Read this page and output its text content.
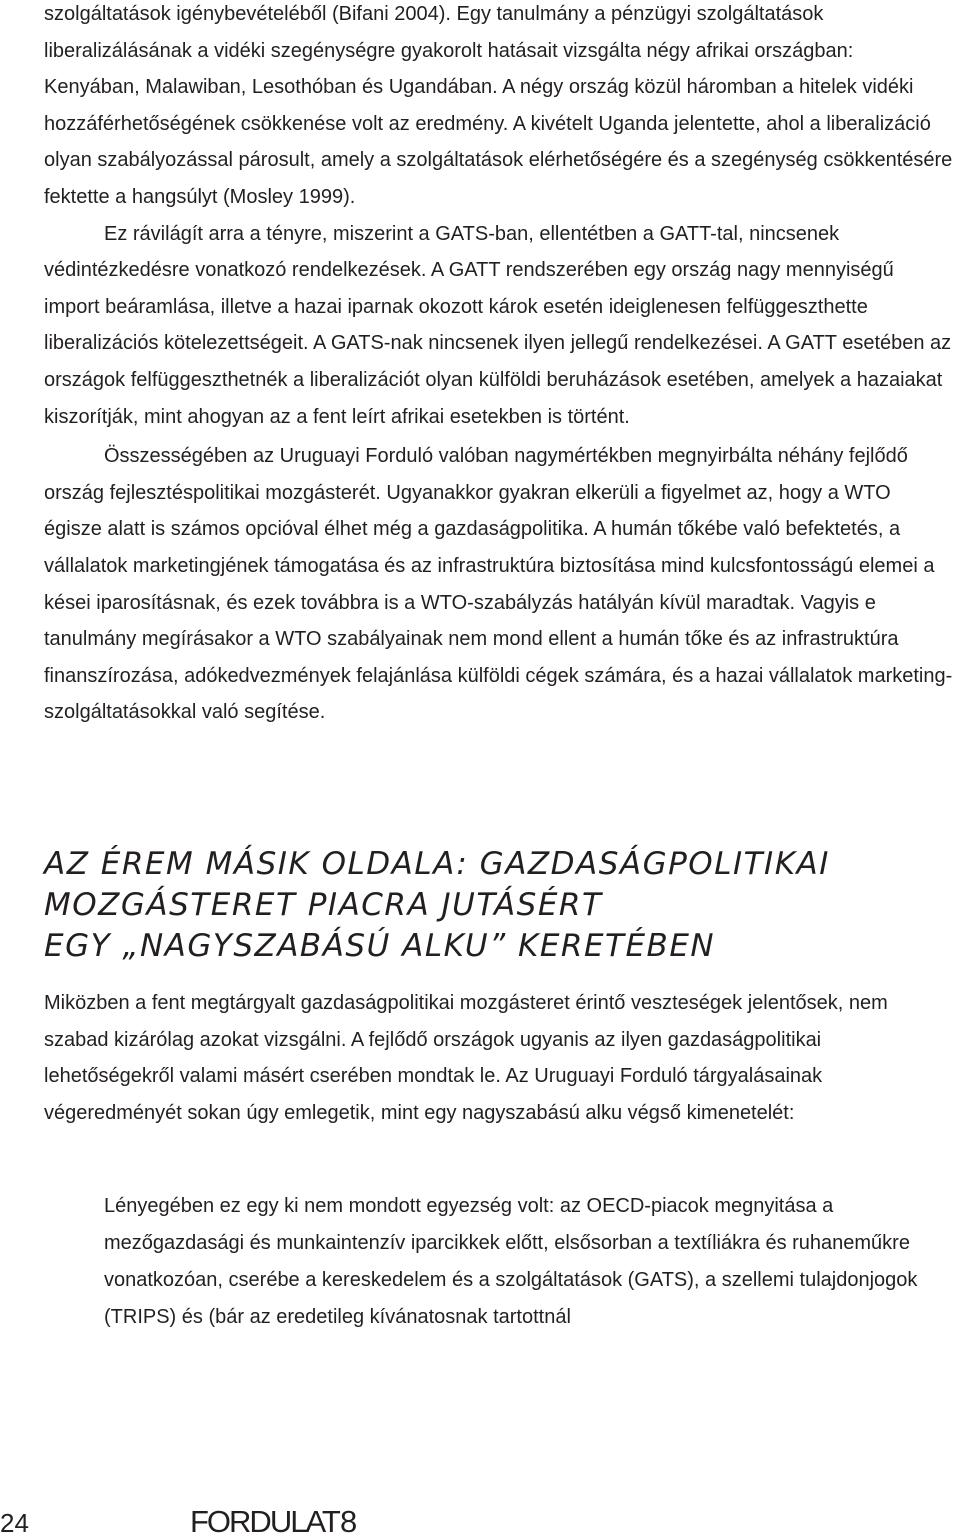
szolgáltatások igénybevételéből (Bifani 2004). Egy tanulmány a pénzügyi szolgáltatások liberalizálásának a vidéki szegénységre gyakorolt hatásait vizsgálta négy afrikai országban: Kenyában, Malawiban, Lesothóban és Ugandában. A négy ország közül háromban a hitelek vidéki hozzáférhetőségének csökkenése volt az eredmény. A kivételt Uganda jelentette, ahol a liberalizáció olyan szabályozással párosult, amely a szolgáltatások elérhetőségére és a szegénység csökkentésére fektette a hangsúlyt (Mosley 1999).

Ez rávilágít arra a tényre, miszerint a GATS-ban, ellentétben a GATT-tal, nincsenek védintézkedésre vonatkozó rendelkezések. A GATT rendszerében egy ország nagy mennyiségű import beáramlása, illetve a hazai iparnak okozott károk esetén ideiglenesen felfüggeszthette liberalizációs kötelezettségeit. A GATS-nak nincsenek ilyen jellegű rendelkezései. A GATT esetében az országok felfüggeszthetnék a liberalizációt olyan külföldi beruházások esetében, amelyek a hazaiakat kiszorítják, mint ahogyan az a fent leírt afrikai esetekben is történt.

Összességében az Uruguayi Forduló valóban nagymértékben megnyirbálta néhány fejlődő ország fejlesztéspolitikai mozgásterét. Ugyanakkor gyakran elkerüli a figyelmet az, hogy a WTO égisze alatt is számos opcióval élhet még a gazdaságpolitika. A humán tőkébe való befektetés, a vállalatok marketingjének támogatása és az infrastruktúra biztosítása mind kulcsfontosságú elemei a kései iparosításnak, és ezek továbbra is a WTO-szabályzás hatályán kívül maradtak. Vagyis e tanulmány megírásakor a WTO szabályainak nem mond ellent a humán tőke és az infrastruktúra finanszírozása, adókedvezmények felajánlása külföldi cégek számára, és a hazai vállalatok marketing-szolgáltatásokkal való segítése.

AZ ÉREM MÁSIK OLDALA: GAZDASÁGPOLITIKAI
MOZGÁSTERET PIACRA JUTÁSÉRT
EGY „NAGYSZABÁSÚ ALKU” KERETÉBEN

Miközben a fent megtárgyalt gazdaságpolitikai mozgásteret érintő veszteségek jelentősek, nem szabad kizárólag azokat vizsgálni. A fejlődő országok ugyanis az ilyen gazdaságpolitikai lehetőségekről valami másért cserében mondtak le. Az Uruguayi Forduló tárgyalásainak végeredményét sokan úgy emlegetik, mint egy nagyszabású alku végső kimenetelét:

Lényegében ez egy ki nem mondott egyezség volt: az OECD-piacok megnyitása a mezőgazdasági és munkaintenzív iparcikkek előtt, elsősorban a textíliákra és ruhaneműkre vonatkozóan, cserébe a kereskedelem és a szolgáltatások (GATS), a szellemi tulajdonjogok (TRIPS) és (bár az eredetileg kívánatosnak tartottnál

24	FORDULAT 8
